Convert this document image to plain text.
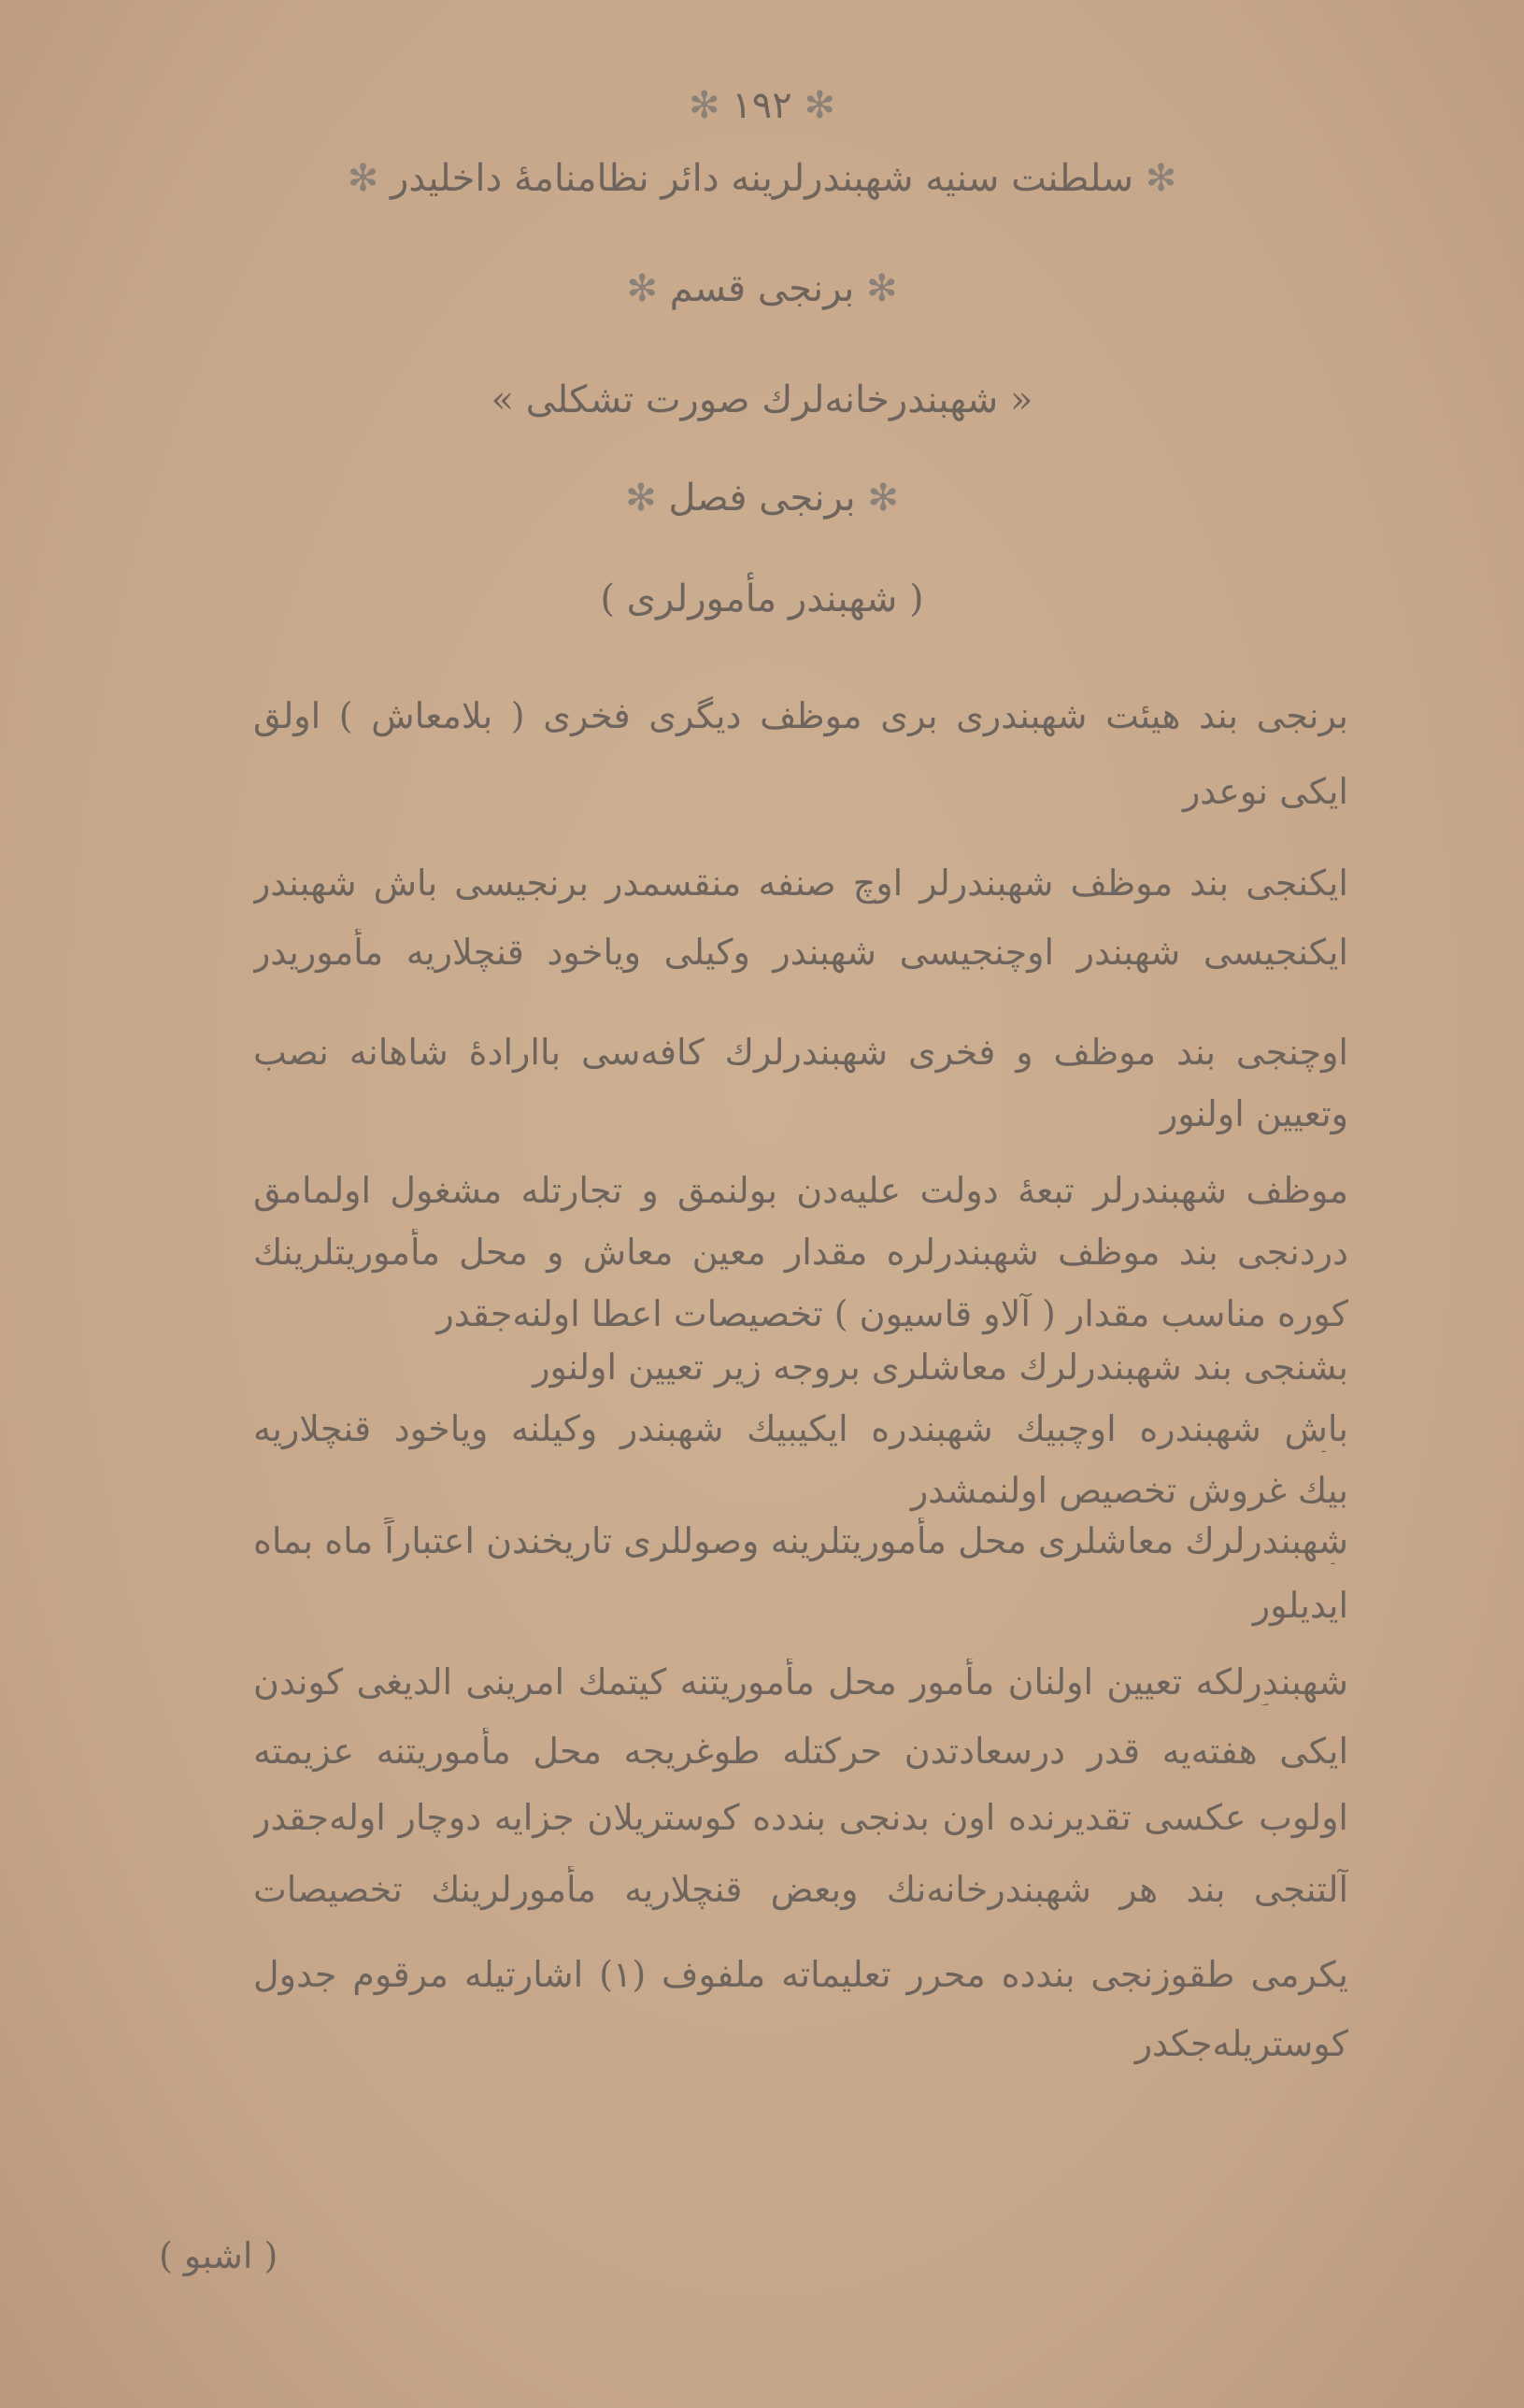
✻ ۱۹۲ ✻
✻ سلطنت سنیه شهبندرلرینه دائر نظامنامهٔ داخلیدر ✻
✻ برنجی قسم ✻
« شهبندرخانه‌لرك صورت تشكلی »
✻ برنجی فصل ✻
( شهبندر مأمورلری )
برنجی بند هیئت شهبندری بری موظف دیگری فخری ( بلامعاش ) اولق
ایکی نوعدر
ایکنجی بند موظف شهبندرلر اوچ صنفه منقسمدر برنجیسی باش شهبندر
ایکنجیسی شهبندر اوچنجیسی شهبندر وکیلی ویاخود قنچلاریه مأموریدر
اوچنجی بند موظف و فخری شهبندرلرك کافه‌سی باارادهٔ شاهانه نصب
وتعیین اولنور
موظف شهبندرلر تبعهٔ دولت علیه‌دن بولنمق و تجارتله مشغول اولمامق
دردنجی بند موظف شهبندرلره مقدار معین معاش و محل مأموریتلرینك
كوره مناسب مقدار ( آلاو قاسیون ) تخصیصات اعطا اولنه‌جقدر
بشنجی بند شهبندرلرك معاشلری بروجه زیر تعیین اولنور
باش شهبندره اوچبیك شهبندره ایکیبیك شهبندر وکیلنه ویاخود قنچلاریه
بیك غروش تخصیص اولنمشدر
شهبندرلرك معاشلری محل مأموریتلرینه وصوللری تاریخندن اعتباراً ماه بماه
ایدیلور
شهبندرلکه تعیین اولنان مأمور محل مأموریتنه کیتمك امرینی الدیغی کوندن
ایکی هفته‌یه قدر درسعادتدن حرکتله طوغریجه محل مأموریتنه عزیمته
اولوب عکسی تقدیرنده اون بدنجی بندده کوستریلان جزایه دوچار اوله‌جقدر
آلتنجی بند هر شهبندرخانه‌نك وبعض قنچلاریه مأمورلرینك تخصیصات
یکرمی طقوزنجی بندده محرر تعلیماته ملفوف (۱) اشارتیله مرقوم جدول
كوستریله‌جکدر
( اشبو )
